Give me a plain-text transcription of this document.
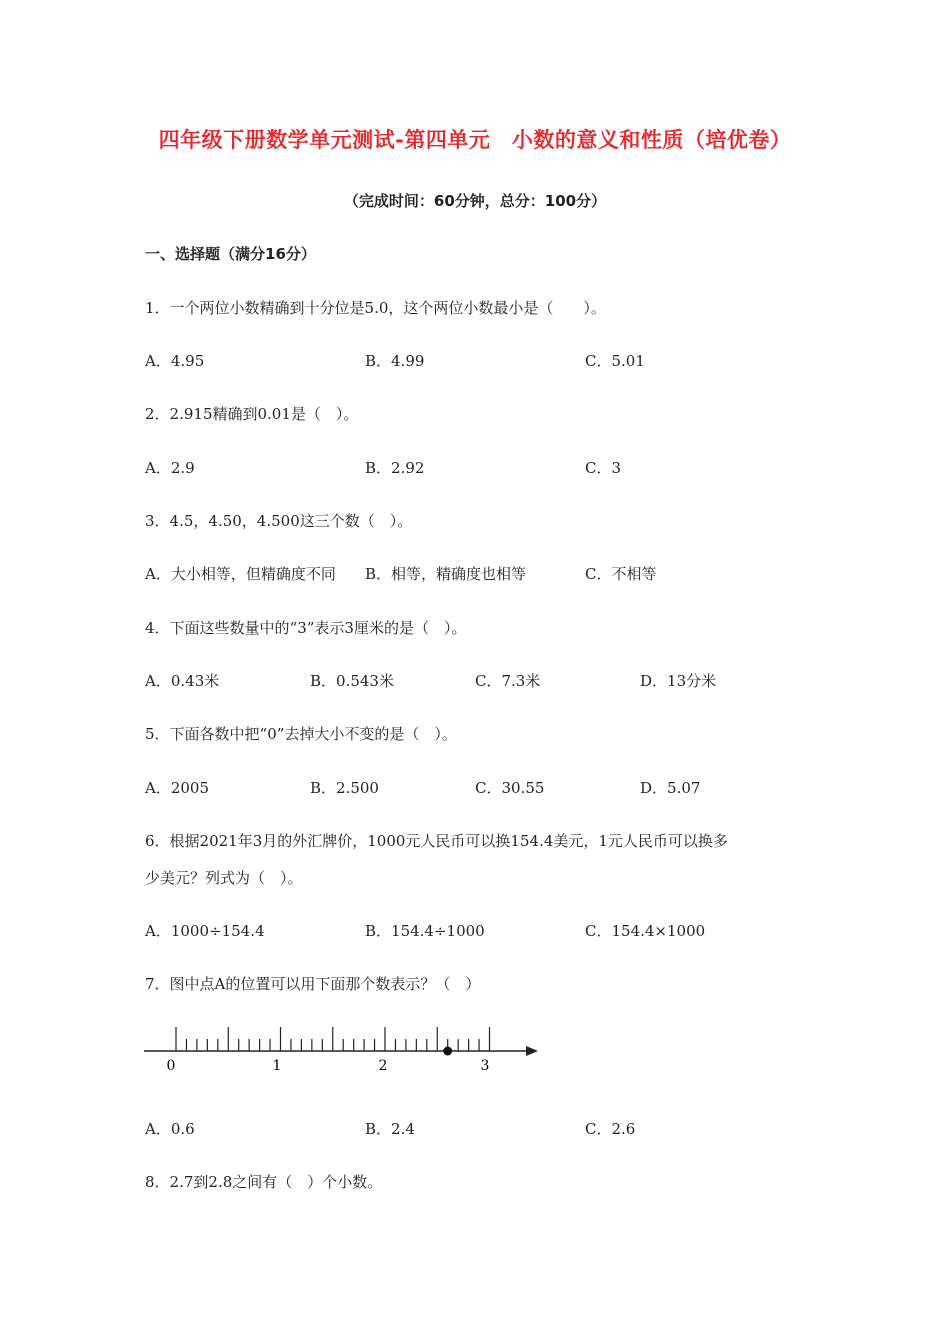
四年级下册数学单元测试-第四单元　小数的意义和性质（培优卷）
（完成时间：60分钟，总分：100分）
一、选择题（满分16分）
1．一个两位小数精确到十分位是5.0，这个两位小数最小是（　　）。
A．4.95	B．4.99	C．5.01
2．2.915精确到0.01是（　）。
A．2.9	B．2.92	C．3
3．4.5，4.50，4.500这三个数（　）。
A．大小相等，但精确度不同 B．相等，精确度也相等	C．不相等
4．下面这些数量中的“3”表示3厘米的是（　）。
A．0.43米	B．0.543米	C．7.3米	D．13分米
5．下面各数中把“0”去掉大小不变的是（　）。
A．2005	B．2.500	C．30.55	D．5.07
6．根据2021年3月的外汇牌价，1000元人民币可以换154.4美元，1元人民币可以换多
少美元？列式为（　）。
A．1000÷154.4	B．154.4÷1000	C．154.4×1000
7．图中点A的位置可以用下面那个数表示？（　）
0	1	2	3
A．0.6	B．2.4	C．2.6
8．2.7到2.8之间有（　）个小数。
